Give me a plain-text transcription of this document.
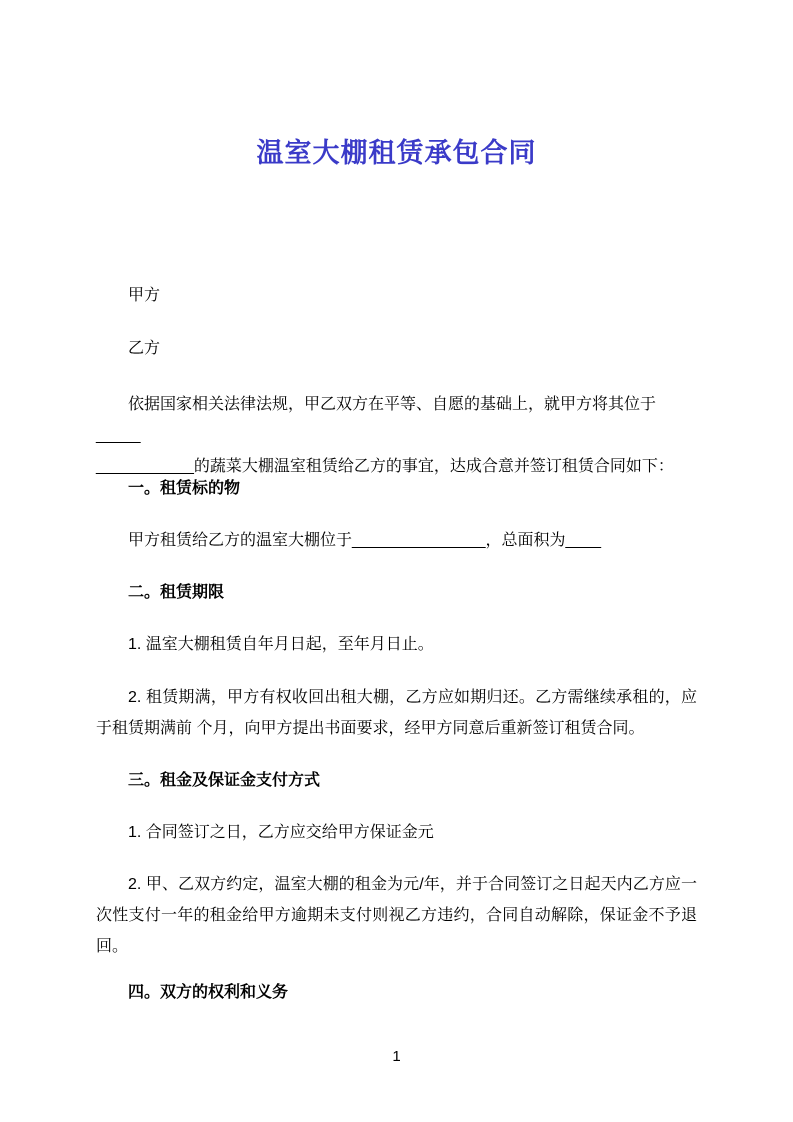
温室大棚租赁承包合同
甲方
乙方
依据国家相关法律法规，甲乙双方在平等、自愿的基础上，就甲方将其位于_____
___________的蔬菜大棚温室租赁给乙方的事宜，达成合意并签订租赁合同如下：
一。租赁标的物
甲方租赁给乙方的温室大棚位于_______________，总面积为____
二。租赁期限
1. 温室大棚租赁自年月日起，至年月日止。
2. 租赁期满，甲方有权收回出租大棚，乙方应如期归还。乙方需继续承租的，应
于租赁期满前 个月，向甲方提出书面要求，经甲方同意后重新签订租赁合同。
三。租金及保证金支付方式
1. 合同签订之日，乙方应交给甲方保证金元
2. 甲、乙双方约定，温室大棚的租金为元/年，并于合同签订之日起天内乙方应一
次性支付一年的租金给甲方逾期未支付则视乙方违约，合同自动解除，保证金不予退
回。
四。双方的权利和义务
1
